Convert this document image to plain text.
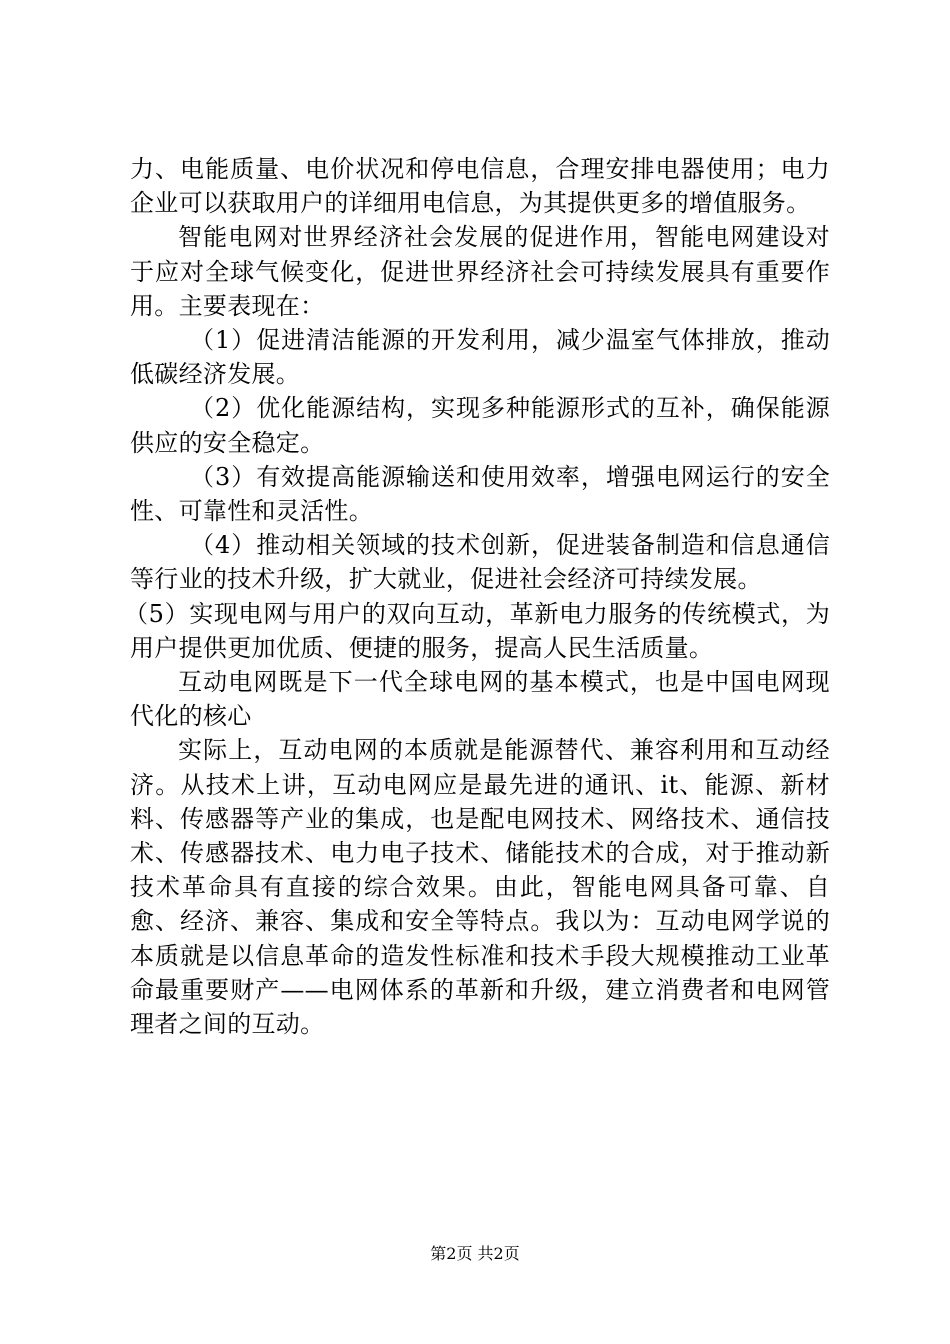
力、电能质量、电价状况和停电信息，合理安排电器使用；电力企业可以获取用户的详细用电信息，为其提供更多的增值服务。

智能电网对世界经济社会发展的促进作用，智能电网建设对于应对全球气候变化，促进世界经济社会可持续发展具有重要作用。主要表现在：

（1）促进清洁能源的开发利用，减少温室气体排放，推动低碳经济发展。

（2）优化能源结构，实现多种能源形式的互补，确保能源供应的安全稳定。

（3）有效提高能源输送和使用效率，增强电网运行的安全性、可靠性和灵活性。

（4）推动相关领域的技术创新，促进装备制造和信息通信等行业的技术升级，扩大就业，促进社会经济可持续发展。

（5）实现电网与用户的双向互动，革新电力服务的传统模式，为用户提供更加优质、便捷的服务，提高人民生活质量。

互动电网既是下一代全球电网的基本模式，也是中国电网现代化的核心

实际上，互动电网的本质就是能源替代、兼容利用和互动经济。从技术上讲，互动电网应是最先进的通讯、it、能源、新材料、传感器等产业的集成，也是配电网技术、网络技术、通信技术、传感器技术、电力电子技术、储能技术的合成，对于推动新技术革命具有直接的综合效果。由此，智能电网具备可靠、自愈、经济、兼容、集成和安全等特点。我以为：互动电网学说的本质就是以信息革命的造发性标准和技术手段大规模推动工业革命最重要财产——电网体系的革新和升级，建立消费者和电网管理者之间的互动。

第2页 共2页
